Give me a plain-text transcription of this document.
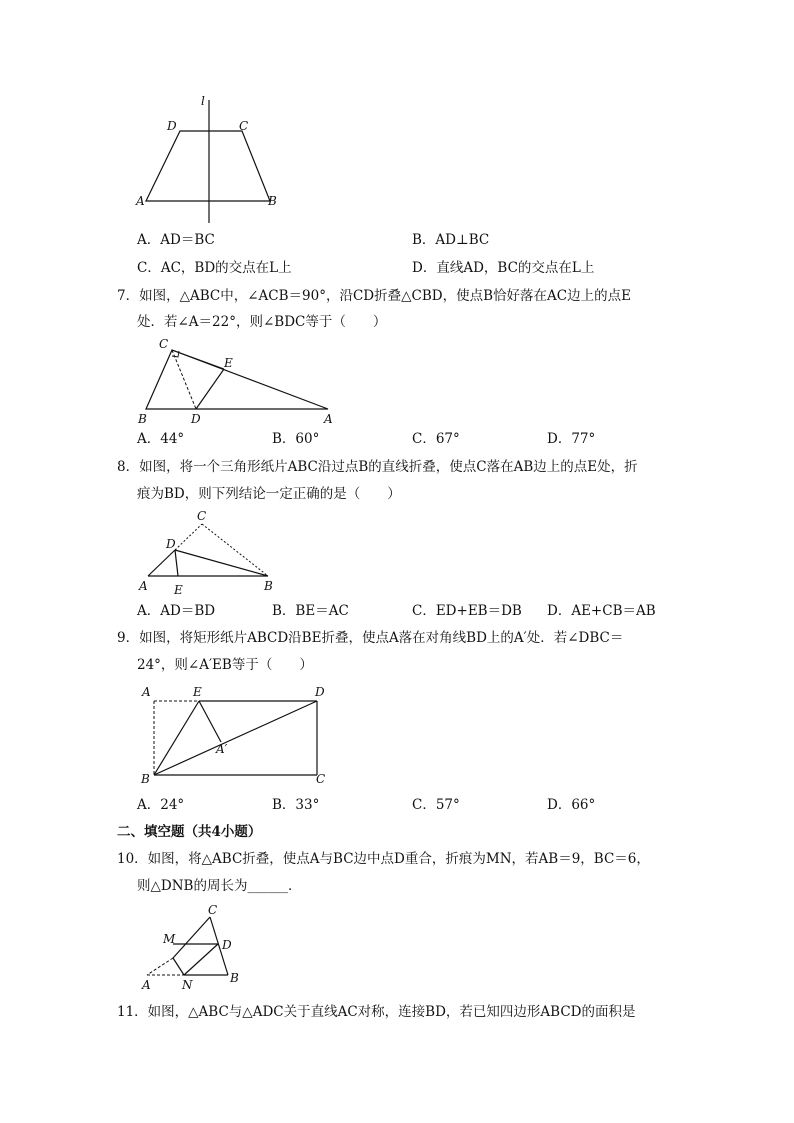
l
D	C
A	B
A．AD＝BC	B．AD⊥BC
C．AC，BD的交点在L上	D．直线AD，BC的交点在L上
7．如图，△ABC中，∠ACB＝90°，沿CD折叠△CBD，使点B恰好落在AC边上的点E
处．若∠A＝22°，则∠BDC等于（　　）
C
E
B	D	A
A．44°	B．60°	C．67°	D．77°
8．如图，将一个三角形纸片ABC沿过点B的直线折叠，使点C落在AB边上的点E处，折
痕为BD，则下列结论一定正确的是（　　）
C
D
A E	B
A．AD＝BD	B．BE＝AC	C．ED+EB＝DB D．AE+CB＝AB
9．如图，将矩形纸片ABCD沿BE折叠，使点A落在对角线BD上的A′处．若∠DBC＝
24°，则∠A′EB等于（　　）
A	E	D
A′
B	C
A．24°	B．33°	C．57°	D．66°
二、填空题（共4小题）
10．如图，将△ABC折叠，使点A与BC边中点D重合，折痕为MN，若AB＝9，BC＝6，
则△DNB的周长为______．
C
M	D
A	N	B
11．如图，△ABC与△ADC关于直线AC对称，连接BD，若已知四边形ABCD的面积是
